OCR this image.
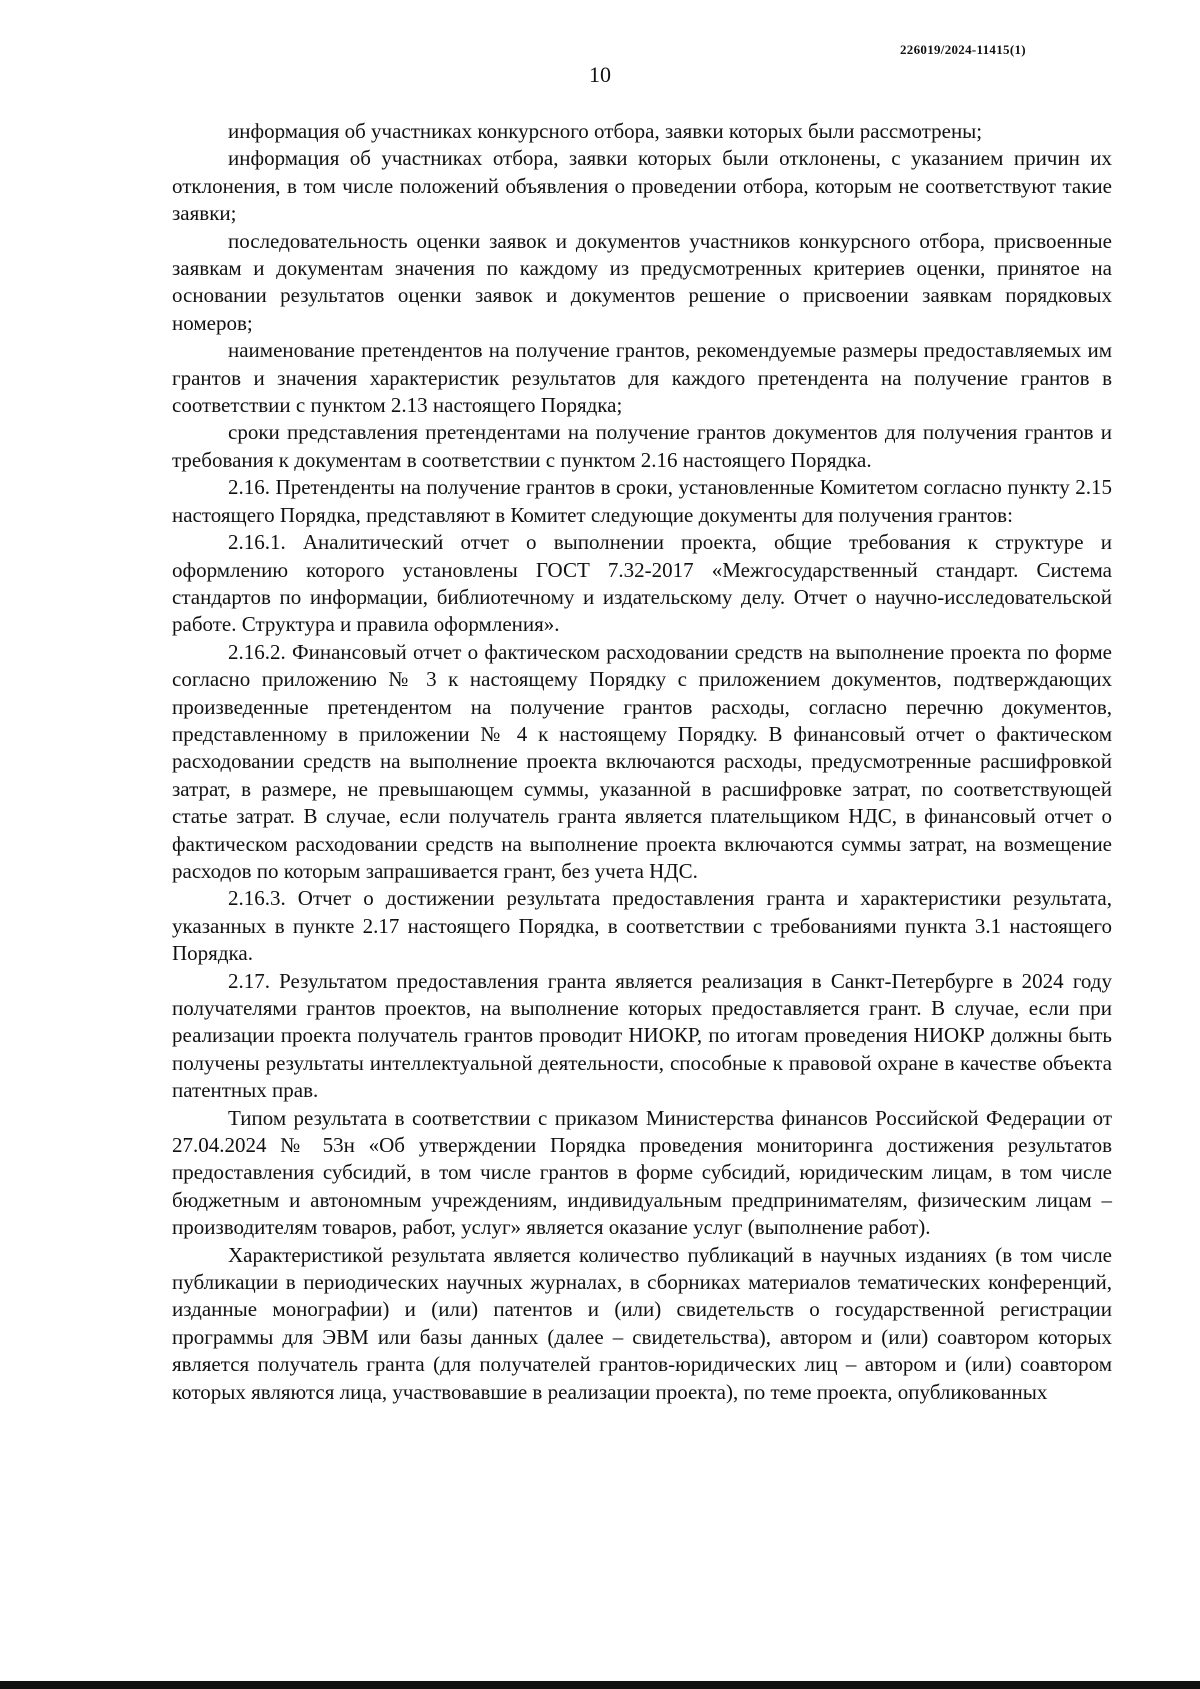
226019/2024-11415(1)
10

информация об участниках конкурсного отбора, заявки которых были рассмотрены;

информация об участниках отбора, заявки которых были отклонены, с указанием причин их отклонения, в том числе положений объявления о проведении отбора, которым не соответствуют такие заявки;

последовательность оценки заявок и документов участников конкурсного отбора, присвоенные заявкам и документам значения по каждому из предусмотренных критериев оценки, принятое на основании результатов оценки заявок и документов решение о присвоении заявкам порядковых номеров;

наименование претендентов на получение грантов, рекомендуемые размеры предоставляемых им грантов и значения характеристик результатов для каждого претендента на получение грантов в соответствии с пунктом 2.13 настоящего Порядка;

сроки представления претендентами на получение грантов документов для получения грантов и требования к документам в соответствии с пунктом 2.16 настоящего Порядка.

2.16. Претенденты на получение грантов в сроки, установленные Комитетом согласно пункту 2.15 настоящего Порядка, представляют в Комитет следующие документы для получения грантов:

2.16.1. Аналитический отчет о выполнении проекта, общие требования к структуре и оформлению которого установлены ГОСТ 7.32-2017 «Межгосударственный стандарт. Система стандартов по информации, библиотечному и издательскому делу. Отчет о научно-исследовательской работе. Структура и правила оформления».

2.16.2. Финансовый отчет о фактическом расходовании средств на выполнение проекта по форме согласно приложению № 3 к настоящему Порядку с приложением документов, подтверждающих произведенные претендентом на получение грантов расходы, согласно перечню документов, представленному в приложении № 4 к настоящему Порядку. В финансовый отчет о фактическом расходовании средств на выполнение проекта включаются расходы, предусмотренные расшифровкой затрат, в размере, не превышающем суммы, указанной в расшифровке затрат, по соответствующей статье затрат. В случае, если получатель гранта является плательщиком НДС, в финансовый отчет о фактическом расходовании средств на выполнение проекта включаются суммы затрат, на возмещение расходов по которым запрашивается грант, без учета НДС.

2.16.3. Отчет о достижении результата предоставления гранта и характеристики результата, указанных в пункте 2.17 настоящего Порядка, в соответствии с требованиями пункта 3.1 настоящего Порядка.

2.17. Результатом предоставления гранта является реализация в Санкт-Петербурге в 2024 году получателями грантов проектов, на выполнение которых предоставляется грант. В случае, если при реализации проекта получатель грантов проводит НИОКР, по итогам проведения НИОКР должны быть получены результаты интеллектуальной деятельности, способные к правовой охране в качестве объекта патентных прав.

Типом результата в соответствии с приказом Министерства финансов Российской Федерации от 27.04.2024 № 53н «Об утверждении Порядка проведения мониторинга достижения результатов предоставления субсидий, в том числе грантов в форме субсидий, юридическим лицам, в том числе бюджетным и автономным учреждениям, индивидуальным предпринимателям, физическим лицам – производителям товаров, работ, услуг» является оказание услуг (выполнение работ).

Характеристикой результата является количество публикаций в научных изданиях (в том числе публикации в периодических научных журналах, в сборниках материалов тематических конференций, изданные монографии) и (или) патентов и (или) свидетельств о государственной регистрации программы для ЭВМ или базы данных (далее – свидетельства), автором и (или) соавтором которых является получатель гранта (для получателей грантов-юридических лиц – автором и (или) соавтором которых являются лица, участвовавшие в реализации проекта), по теме проекта, опубликованных
